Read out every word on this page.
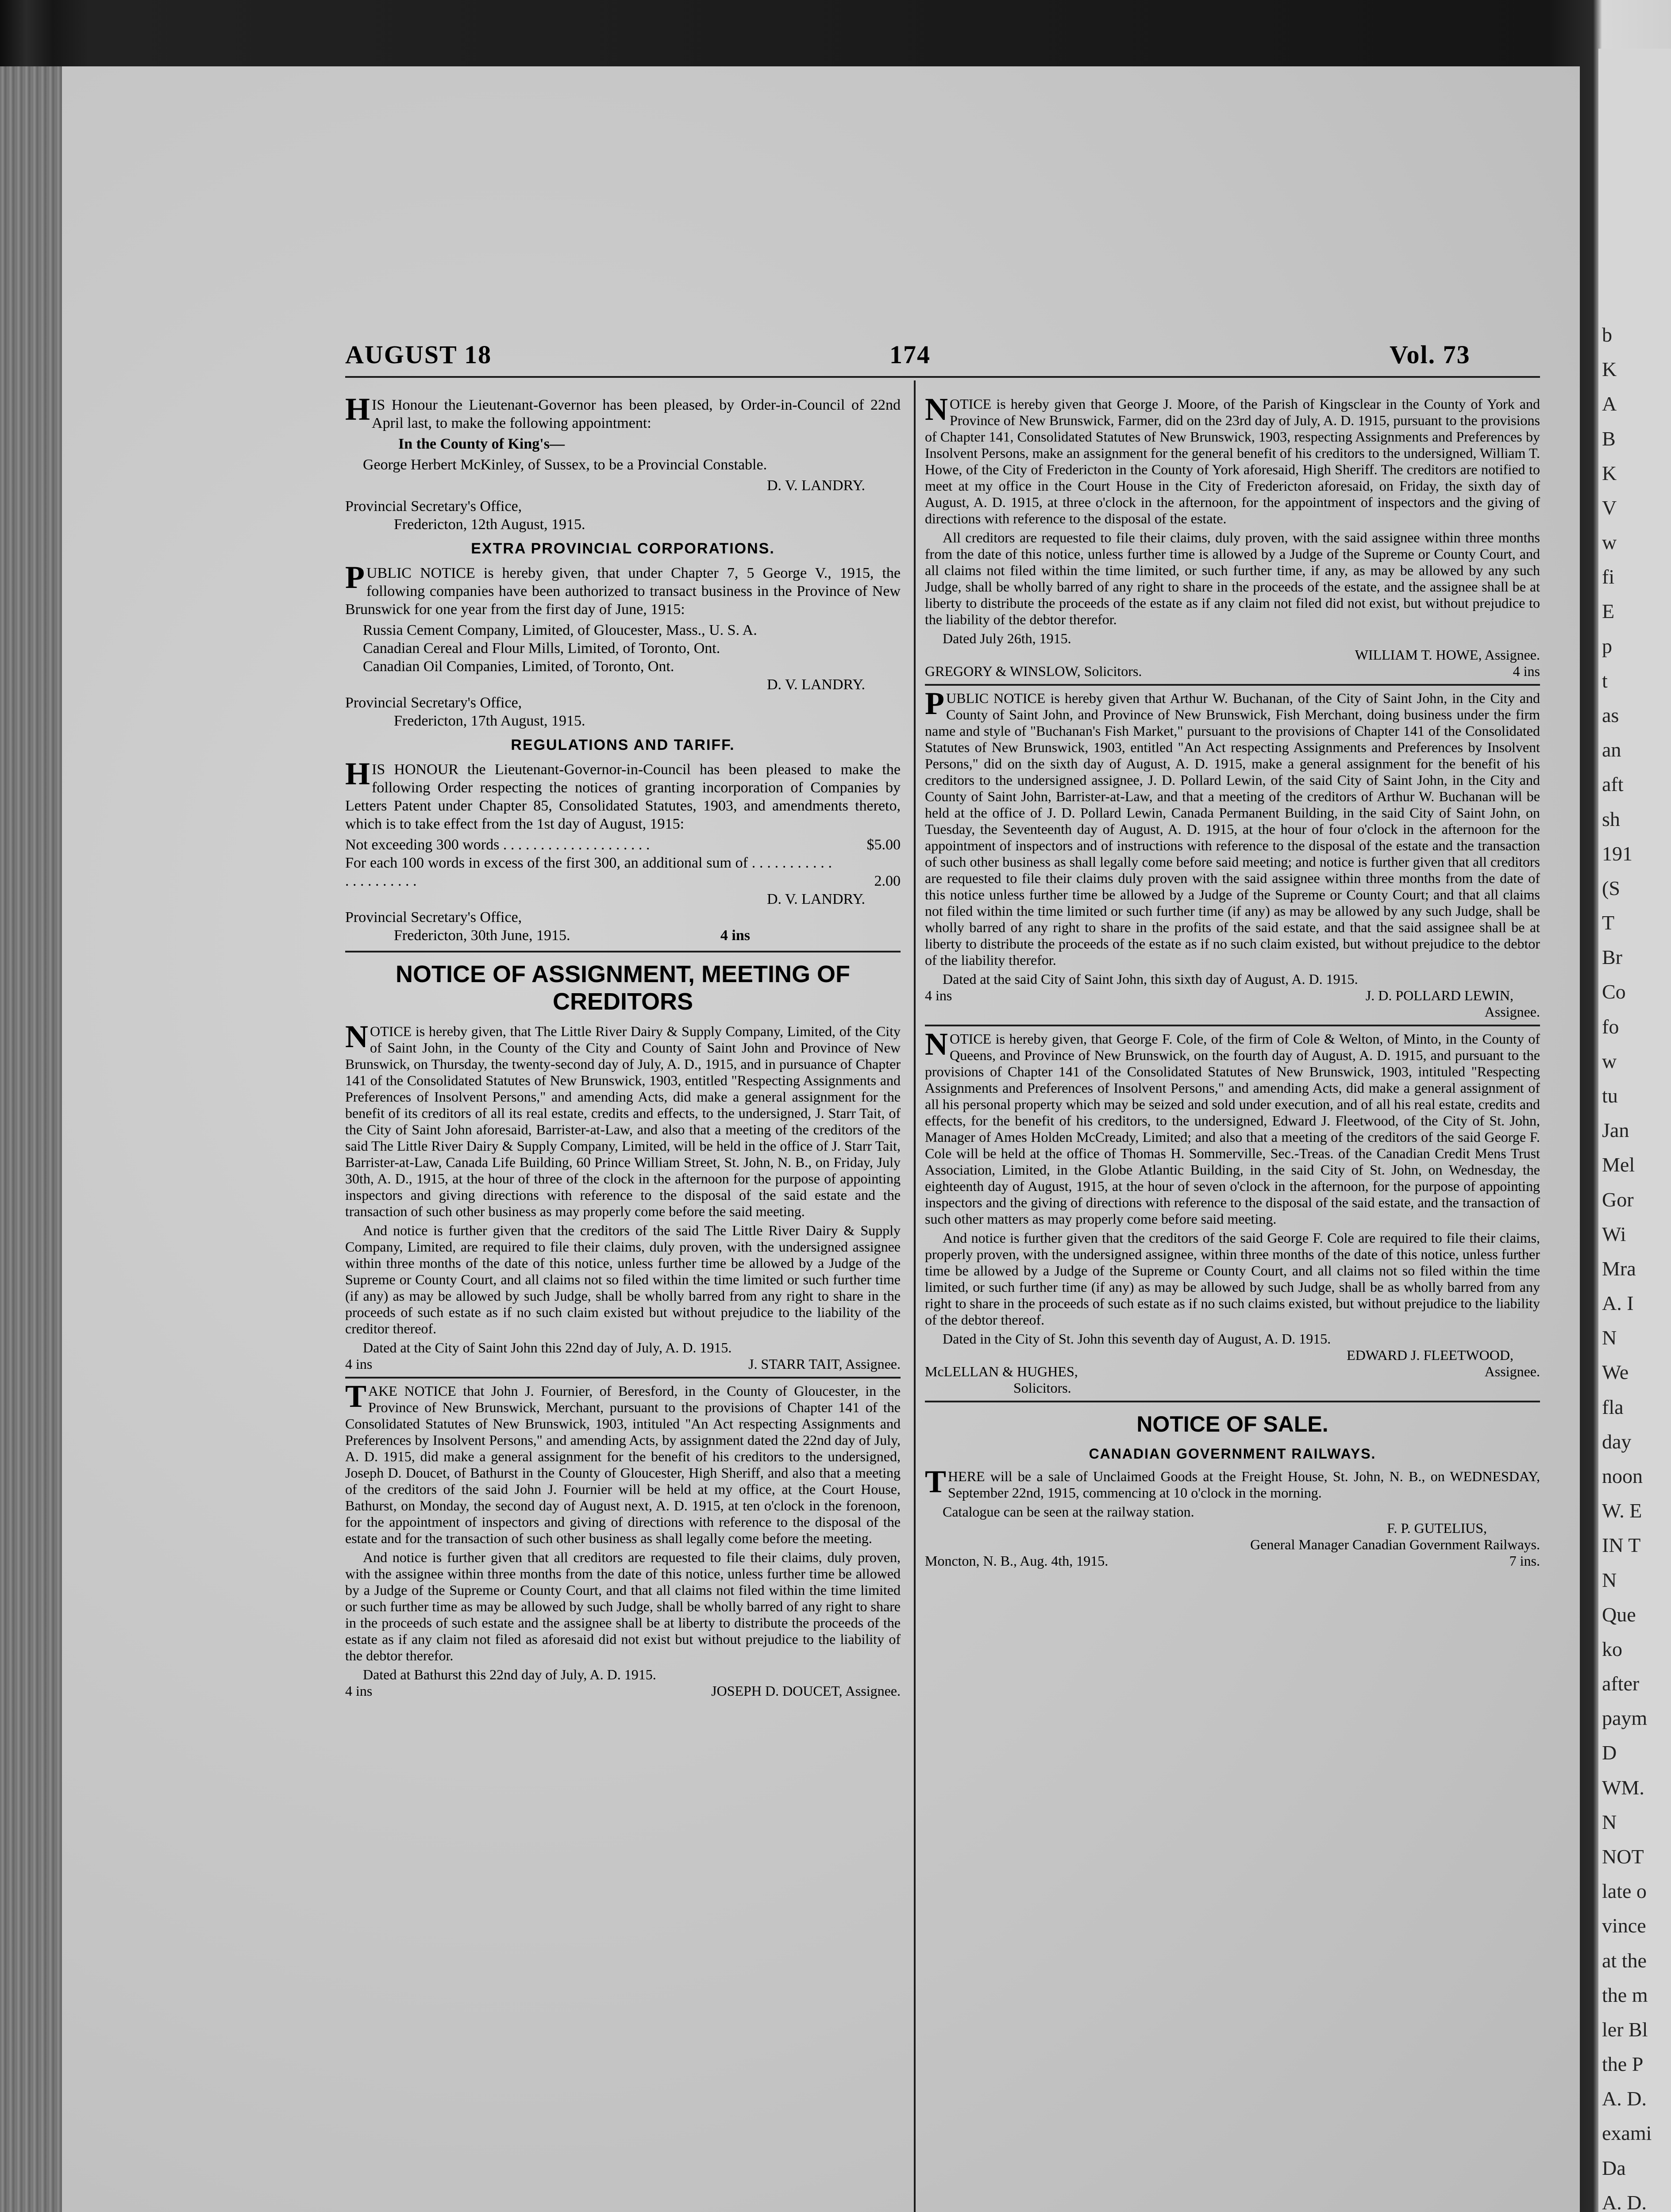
b
K
A
B
K
V
w
fi
E
p
t
as
an
aft
sh
191
(S
T
Br
Co
fo
w
tu
Jan
Mel
Gor
Wi
Mra
A. I
N
We
fla
day
noon
W. E
IN T
N
Que
ko
after
paym
D
WM.
N
NOT
late o
vince
at the
the m
ler Bl
the P
A. D.
exami
Da
A. D.
AUGUST 18	174	Vol. 73

HIS Honour the Lieutenant-Governor has been pleased, by Order-in-Council of 22nd April last, to make the following appointment:

In the County of King's—

George Herbert McKinley, of Sussex, to be a Provincial Constable.

D. V. LANDRY.

Provincial Secretary's Office,

Fredericton, 12th August, 1915.

EXTRA PROVINCIAL CORPORATIONS.

PUBLIC NOTICE is hereby given, that under Chapter 7, 5 George V., 1915, the following companies have been authorized to transact business in the Province of New Brunswick for one year from the first day of June, 1915:

Russia Cement Company, Limited, of Gloucester, Mass., U. S. A.

Canadian Cereal and Flour Mills, Limited, of Toronto, Ont.

Canadian Oil Companies, Limited, of Toronto, Ont.

D. V. LANDRY.

Provincial Secretary's Office,

Fredericton, 17th August, 1915.

REGULATIONS AND TARIFF.

HIS HONOUR the Lieutenant-Governor-in-Council has been pleased to make the following Order respecting the notices of granting incorporation of Companies by Letters Patent under Chapter 85, Consolidated Statutes, 1903, and amendments thereto, which is to take effect from the 1st day of August, 1915:

Not exceeding 300 words . . . . . . . . . . . . . . . . . . . .	$5.00
For each 100 words in excess of the first 300, an additional sum of . . . . . . . . . . . . . . . . . . . . .	2.00

D. V. LANDRY.

Provincial Secretary's Office,

Fredericton, 30th June, 1915.	4 ins

NOTICE OF ASSIGNMENT, MEETING OF CREDITORS

NOTICE is hereby given, that The Little River Dairy & Supply Company, Limited, of the City of Saint John, in the County of the City and County of Saint John and Province of New Brunswick, on Thursday, the twenty-second day of July, A. D., 1915, and in pursuance of Chapter 141 of the Consolidated Statutes of New Brunswick, 1903, entitled "Respecting Assignments and Preferences of Insolvent Persons," and amending Acts, did make a general assignment for the benefit of its creditors of all its real estate, credits and effects, to the undersigned, J. Starr Tait, of the City of Saint John aforesaid, Barrister-at-Law, and also that a meeting of the creditors of the said The Little River Dairy & Supply Company, Limited, will be held in the office of J. Starr Tait, Barrister-at-Law, Canada Life Building, 60 Prince William Street, St. John, N. B., on Friday, July 30th, A. D., 1915, at the hour of three of the clock in the afternoon for the purpose of appointing inspectors and giving directions with reference to the disposal of the said estate and the transaction of such other business as may properly come before the said meeting.

And notice is further given that the creditors of the said The Little River Dairy & Supply Company, Limited, are required to file their claims, duly proven, with the undersigned assignee within three months of the date of this notice, unless further time be allowed by a Judge of the Supreme or County Court, and all claims not so filed within the time limited or such further time (if any) as may be allowed by such Judge, shall be wholly barred from any right to share in the proceeds of such estate as if no such claim existed but without prejudice to the liability of the creditor thereof.

Dated at the City of Saint John this 22nd day of July, A. D. 1915.

4 ins	J. STARR TAIT, Assignee.

TAKE NOTICE that John J. Fournier, of Beresford, in the County of Gloucester, in the Province of New Brunswick, Merchant, pursuant to the provisions of Chapter 141 of the Consolidated Statutes of New Brunswick, 1903, intituled "An Act respecting Assignments and Preferences by Insolvent Persons," and amending Acts, by assignment dated the 22nd day of July, A. D. 1915, did make a general assignment for the benefit of his creditors to the undersigned, Joseph D. Doucet, of Bathurst in the County of Gloucester, High Sheriff, and also that a meeting of the creditors of the said John J. Fournier will be held at my office, at the Court House, Bathurst, on Monday, the second day of August next, A. D. 1915, at ten o'clock in the forenoon, for the appointment of inspectors and giving of directions with reference to the disposal of the estate and for the transaction of such other business as shall legally come before the meeting.

And notice is further given that all creditors are requested to file their claims, duly proven, with the assignee within three months from the date of this notice, unless further time be allowed by a Judge of the Supreme or County Court, and that all claims not filed within the time limited or such further time as may be allowed by such Judge, shall be wholly barred of any right to share in the proceeds of such estate and the assignee shall be at liberty to distribute the proceeds of the estate as if any claim not filed as aforesaid did not exist but without prejudice to the liability of the debtor therefor.

Dated at Bathurst this 22nd day of July, A. D. 1915.

4 ins	JOSEPH D. DOUCET, Assignee.

NOTICE is hereby given that George J. Moore, of the Parish of Kingsclear in the County of York and Province of New Brunswick, Farmer, did on the 23rd day of July, A. D. 1915, pursuant to the provisions of Chapter 141, Consolidated Statutes of New Brunswick, 1903, respecting Assignments and Preferences by Insolvent Persons, make an assignment for the general benefit of his creditors to the undersigned, William T. Howe, of the City of Fredericton in the County of York aforesaid, High Sheriff. The creditors are notified to meet at my office in the Court House in the City of Fredericton aforesaid, on Friday, the sixth day of August, A. D. 1915, at three o'clock in the afternoon, for the appointment of inspectors and the giving of directions with reference to the disposal of the estate.

All creditors are requested to file their claims, duly proven, with the said assignee within three months from the date of this notice, unless further time is allowed by a Judge of the Supreme or County Court, and all claims not filed within the time limited, or such further time, if any, as may be allowed by any such Judge, shall be wholly barred of any right to share in the proceeds of the estate, and the assignee shall be at liberty to distribute the proceeds of the estate as if any claim not filed did not exist, but without prejudice to the liability of the debtor therefor.

Dated July 26th, 1915.

WILLIAM T. HOWE, Assignee.

GREGORY & WINSLOW, Solicitors.	4 ins

PUBLIC NOTICE is hereby given that Arthur W. Buchanan, of the City of Saint John, in the City and County of Saint John, and Province of New Brunswick, Fish Merchant, doing business under the firm name and style of "Buchanan's Fish Market," pursuant to the provisions of Chapter 141 of the Consolidated Statutes of New Brunswick, 1903, entitled "An Act respecting Assignments and Preferences by Insolvent Persons," did on the sixth day of August, A. D. 1915, make a general assignment for the benefit of his creditors to the undersigned assignee, J. D. Pollard Lewin, of the said City of Saint John, in the City and County of Saint John, Barrister-at-Law, and that a meeting of the creditors of Arthur W. Buchanan will be held at the office of J. D. Pollard Lewin, Canada Permanent Building, in the said City of Saint John, on Tuesday, the Seventeenth day of August, A. D. 1915, at the hour of four o'clock in the afternoon for the appointment of inspectors and of instructions with reference to the disposal of the estate and the transaction of such other business as shall legally come before said meeting; and notice is further given that all creditors are requested to file their claims duly proven with the said assignee within three months from the date of this notice unless further time be allowed by a Judge of the Supreme or County Court; and that all claims not filed within the time limited or such further time (if any) as may be allowed by any such Judge, shall be wholly barred of any right to share in the profits of the said estate, and that the said assignee shall be at liberty to distribute the proceeds of the estate as if no such claim existed, but without prejudice to the debtor of the liability therefor.

Dated at the said City of Saint John, this sixth day of August, A. D. 1915.

4 ins	J. D. POLLARD LEWIN,

Assignee.

NOTICE is hereby given, that George F. Cole, of the firm of Cole & Welton, of Minto, in the County of Queens, and Province of New Brunswick, on the fourth day of August, A. D. 1915, and pursuant to the provisions of Chapter 141 of the Consolidated Statutes of New Brunswick, 1903, intituled "Respecting Assignments and Preferences of Insolvent Persons," and amending Acts, did make a general assignment of all his personal property which may be seized and sold under execution, and of all his real estate, credits and effects, for the benefit of his creditors, to the undersigned, Edward J. Fleetwood, of the City of St. John, Manager of Ames Holden McCready, Limited; and also that a meeting of the creditors of the said George F. Cole will be held at the office of Thomas H. Sommerville, Sec.-Treas. of the Canadian Credit Mens Trust Association, Limited, in the Globe Atlantic Building, in the said City of St. John, on Wednesday, the eighteenth day of August, 1915, at the hour of seven o'clock in the afternoon, for the purpose of appointing inspectors and the giving of directions with reference to the disposal of the said estate, and the transaction of such other matters as may properly come before said meeting.

And notice is further given that the creditors of the said George F. Cole are required to file their claims, properly proven, with the undersigned assignee, within three months of the date of this notice, unless further time be allowed by a Judge of the Supreme or County Court, and all claims not so filed within the time limited, or such further time (if any) as may be allowed by such Judge, shall be as wholly barred from any right to share in the proceeds of such estate as if no such claims existed, but without prejudice to the liability of the debtor thereof.

Dated in the City of St. John this seventh day of August, A. D. 1915.

EDWARD J. FLEETWOOD,

McLELLAN & HUGHES,	Assignee.

Solicitors.

NOTICE OF SALE.

CANADIAN GOVERNMENT RAILWAYS.

THERE will be a sale of Unclaimed Goods at the Freight House, St. John, N. B., on WEDNESDAY, September 22nd, 1915, commencing at 10 o'clock in the morning.

Catalogue can be seen at the railway station.

F. P. GUTELIUS,

General Manager Canadian Government Railways.

Moncton, N. B., Aug. 4th, 1915.	7 ins.
